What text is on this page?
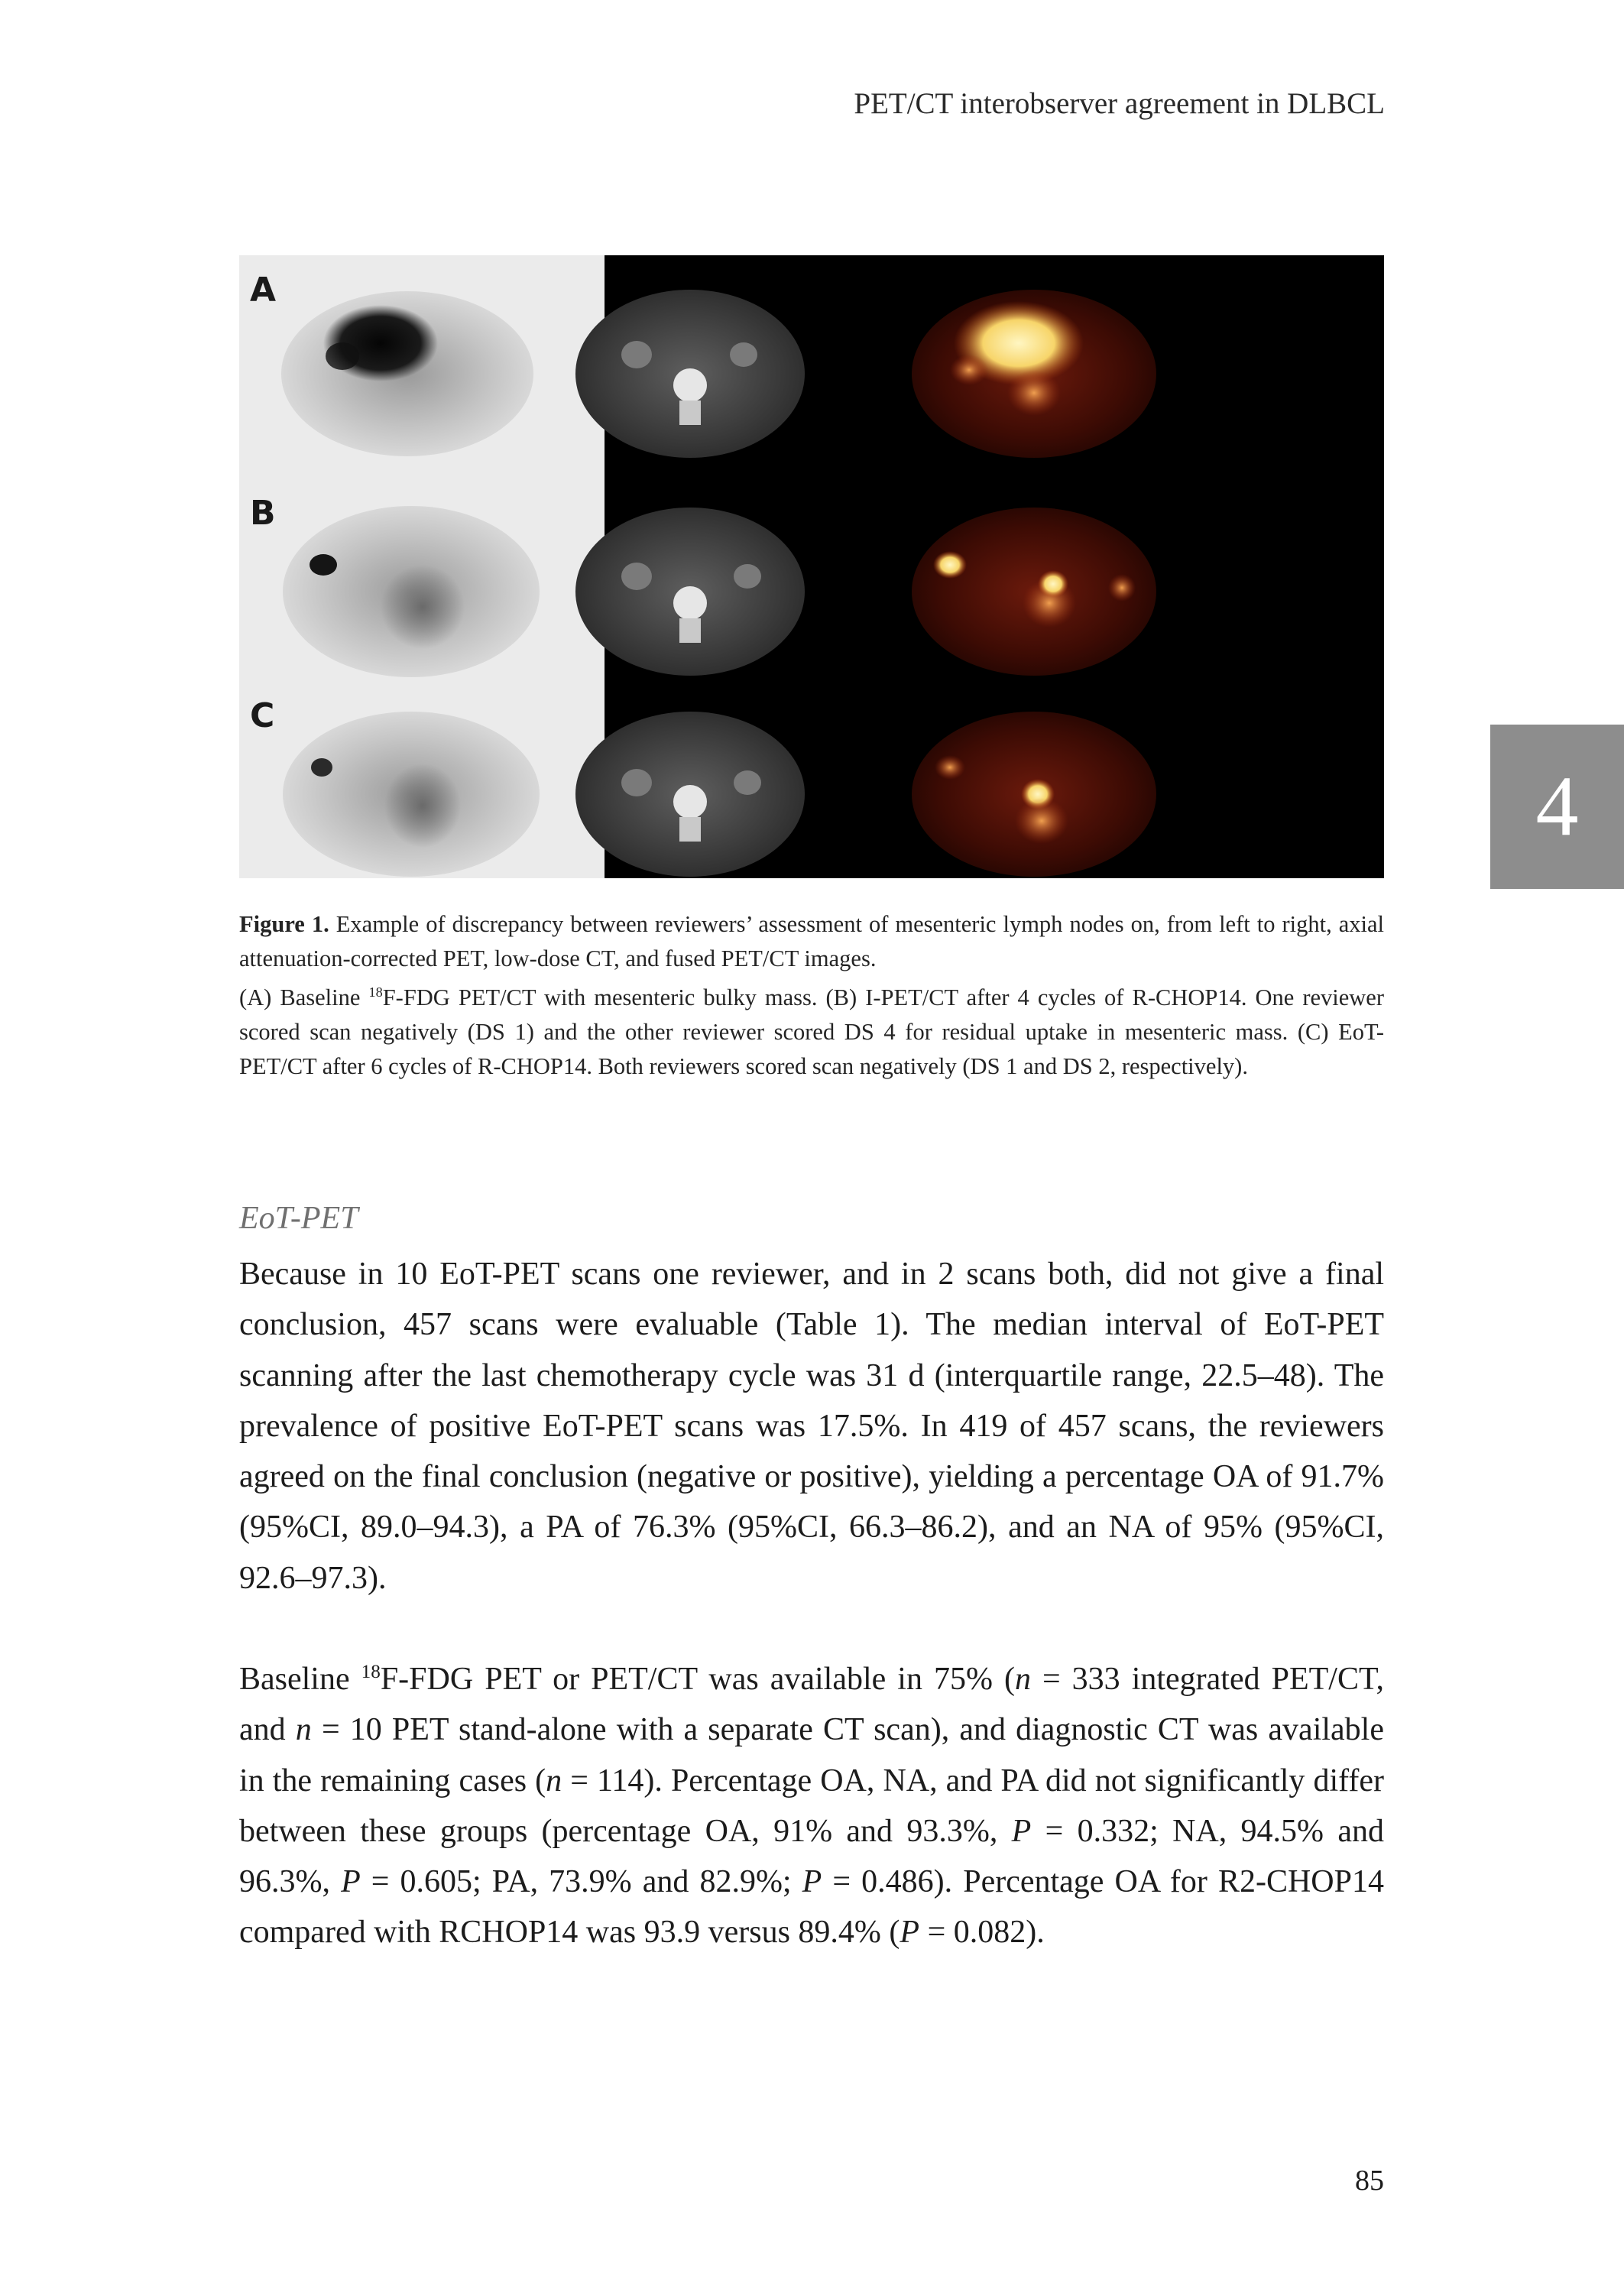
PET/CT interobserver agreement in DLBCL
A
B
C
4

Figure 1. Example of discrepancy between reviewers’ assessment of mesenteric lymph nodes on, from left to right, axial attenuation-corrected PET, low-dose CT, and fused PET/CT images.

(A) Baseline $^{18}$F-FDG PET/CT with mesenteric bulky mass. (B) I-PET/CT after 4 cycles of R-CHOP14. One reviewer scored scan negatively (DS 1) and the other reviewer scored DS 4 for residual uptake in mesenteric mass. (C) EoT-PET/CT after 6 cycles of R-CHOP14. Both reviewers scored scan negatively (DS 1 and DS 2, respectively).

EoT-PET

Because in 10 EoT-PET scans one reviewer, and in 2 scans both, did not give a final conclusion, 457 scans were evaluable (Table 1). The median interval of EoT-PET scanning after the last chemotherapy cycle was 31 d (interquartile range, 22.5–48). The prevalence of positive EoT-PET scans was 17.5%. In 419 of 457 scans, the reviewers agreed on the final conclusion (negative or positive), yielding a percentage OA of 91.7% (95%CI, 89.0–94.3), a PA of 76.3% (95%CI, 66.3–86.2), and an NA of 95% (95%CI, 92.6–97.3).

Baseline $^{18}$F-FDG PET or PET/CT was available in 75% (n = 333 integrated PET/CT, and n = 10 PET stand-alone with a separate CT scan), and diagnostic CT was available in the remaining cases (n = 114). Percentage OA, NA, and PA did not significantly differ between these groups (percentage OA, 91% and 93.3%, P = 0.332; NA, 94.5% and 96.3%, P = 0.605; PA, 73.9% and 82.9%; P = 0.486). Percentage OA for R2-CHOP14 compared with RCHOP14 was 93.9 versus 89.4% (P = 0.082).

85
